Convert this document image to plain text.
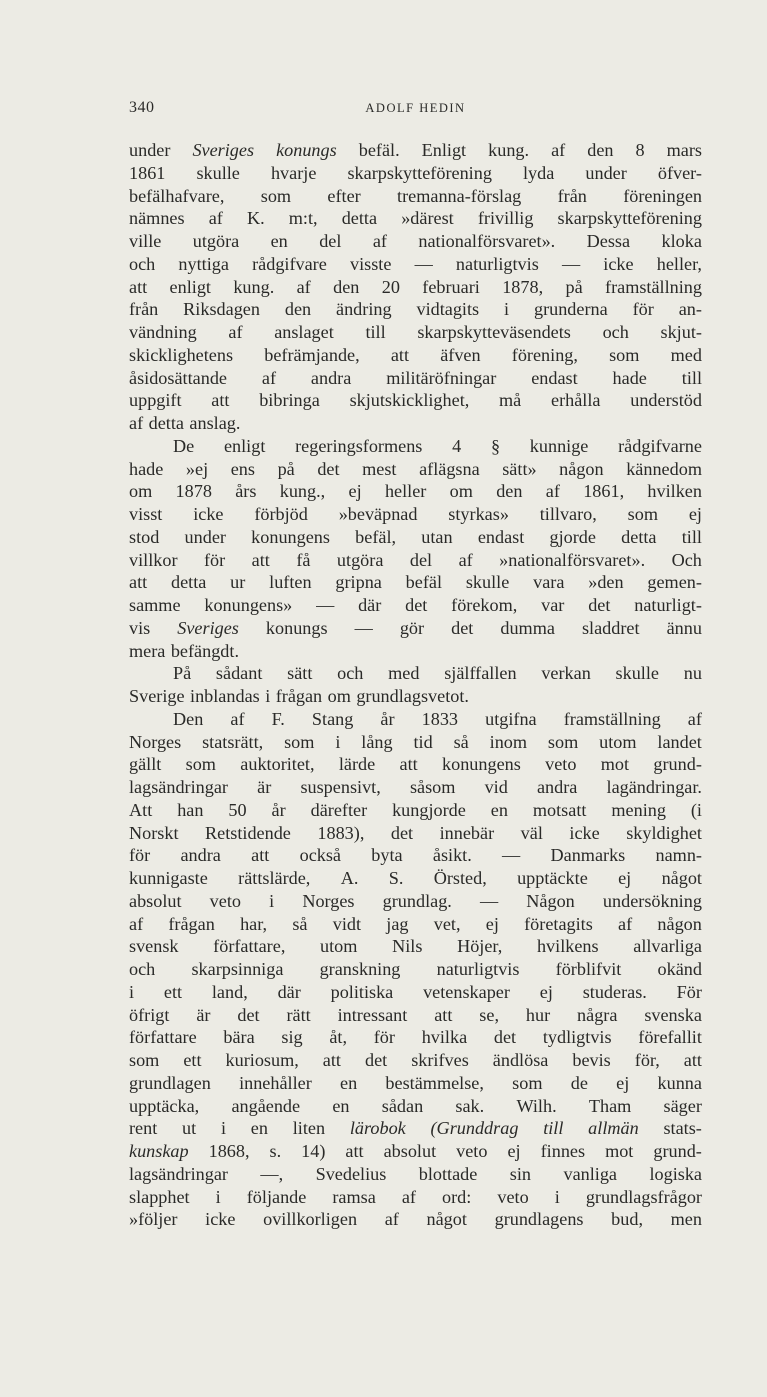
340	ADOLF HEDIN
under Sveriges konungs befäl. Enligt kung. af den 8 mars
1861 skulle hvarje skarpskytteförening lyda under öfver-
befälhafvare, som efter tremanna-förslag från föreningen
nämnes af K. m:t, detta »därest frivillig skarpskytteförening
ville utgöra en del af nationalförsvaret». Dessa kloka
och nyttiga rådgifvare visste — naturligtvis — icke heller,
att enligt kung. af den 20 februari 1878, på framställning
från Riksdagen den ändring vidtagits i grunderna för an-
vändning af anslaget till skarpskytteväsendets och skjut-
skicklighetens befrämjande, att äfven förening, som med
åsidosättande af andra militäröfningar endast hade till
uppgift att bibringa skjutskicklighet, må erhålla understöd
af detta anslag.
De enligt regeringsformens 4 § kunnige rådgifvarne
hade »ej ens på det mest aflägsna sätt» någon kännedom
om 1878 års kung., ej heller om den af 1861, hvilken
visst icke förbjöd »beväpnad styrkas» tillvaro, som ej
stod under konungens befäl, utan endast gjorde detta till
villkor för att få utgöra del af »nationalförsvaret». Och
att detta ur luften gripna befäl skulle vara »den gemen-
samme konungens» — där det förekom, var det naturligt-
vis Sveriges konungs — gör det dumma sladdret ännu
mera befängdt.
På sådant sätt och med själffallen verkan skulle nu
Sverige inblandas i frågan om grundlagsvetot.
Den af F. Stang år 1833 utgifna framställning af
Norges statsrätt, som i lång tid så inom som utom landet
gällt som auktoritet, lärde att konungens veto mot grund-
lagsändringar är suspensivt, såsom vid andra lagändringar.
Att han 50 år därefter kungjorde en motsatt mening (i
Norskt Retstidende 1883), det innebär väl icke skyldighet
för andra att också byta åsikt. — Danmarks namn-
kunnigaste rättslärde, A. S. Örsted, upptäckte ej något
absolut veto i Norges grundlag. — Någon undersökning
af frågan har, så vidt jag vet, ej företagits af någon
svensk författare, utom Nils Höjer, hvilkens allvarliga
och skarpsinniga granskning naturligtvis förblifvit okänd
i ett land, där politiska vetenskaper ej studeras. För
öfrigt är det rätt intressant att se, hur några svenska
författare bära sig åt, för hvilka det tydligtvis förefallit
som ett kuriosum, att det skrifves ändlösa bevis för, att
grundlagen innehåller en bestämmelse, som de ej kunna
upptäcka, angående en sådan sak. Wilh. Tham säger
rent ut i en liten lärobok (Grunddrag till allmän stats-
kunskap 1868, s. 14) att absolut veto ej finnes mot grund-
lagsändringar —, Svedelius blottade sin vanliga logiska
slapphet i följande ramsa af ord: veto i grundlagsfrågor
»följer icke ovillkorligen af något grundlagens bud, men
